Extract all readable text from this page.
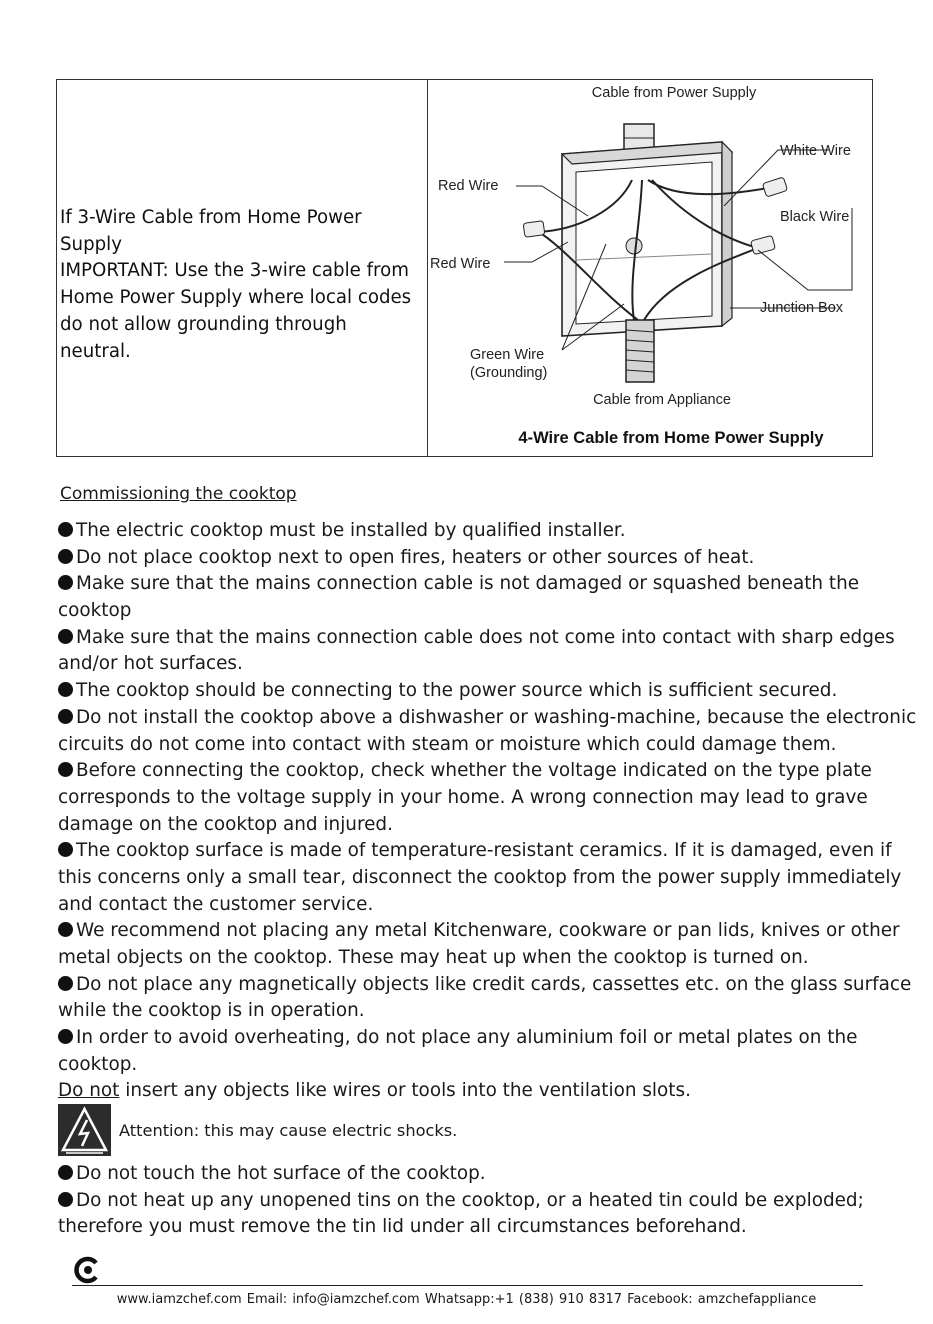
If 3-Wire Cable from Home Power
Supply
IMPORTANT: Use the 3-wire cable from
Home Power Supply where local codes
do not allow grounding through
neutral.
Cable from Power Supply
Red Wire
Red Wire
White Wire
Black Wire
Junction Box
Green Wire
(Grounding)
Cable from Appliance
4-Wire Cable from Home Power Supply
Commissioning the cooktop
The electric cooktop must be installed by qualified installer.
Do not place cooktop next to open fires, heaters or other sources of heat.
Make sure that the mains connection cable is not damaged or squashed beneath the
cooktop
Make sure that the mains connection cable does not come into contact with sharp edges
and/or hot surfaces.
The cooktop should be connecting to the power source which is sufficient secured.
Do not install the cooktop above a dishwasher or washing-machine, because the electronic
circuits do not come into contact with steam or moisture which could damage them.
Before connecting the cooktop, check whether the voltage indicated on the type plate
corresponds to the voltage supply in your home. A wrong connection may lead to grave
damage on the cooktop and injured.
The cooktop surface is made of temperature-resistant ceramics. If it is damaged, even if
this concerns only a small tear, disconnect the cooktop from the power supply immediately
and contact the customer service.
We recommend not placing any metal Kitchenware, cookware or pan lids, knives or other
metal objects on the cooktop. These may heat up when the cooktop is turned on.
Do not place any magnetically objects like credit cards, cassettes etc. on the glass surface
while the cooktop is in operation.
In order to avoid overheating, do not place any aluminium foil or metal plates on the
cooktop.
Do not insert any objects like wires or tools into the ventilation slots.
Attention: this may cause electric shocks.
Do not touch the hot surface of the cooktop.
Do not heat up any unopened tins on the cooktop, or a heated tin could be exploded;
therefore you must remove the tin lid under all circumstances beforehand.
www.iamzchef.com Email: info@iamzchef.com Whatsapp:+1 (838) 910 8317 Facebook: amzchefappliance
